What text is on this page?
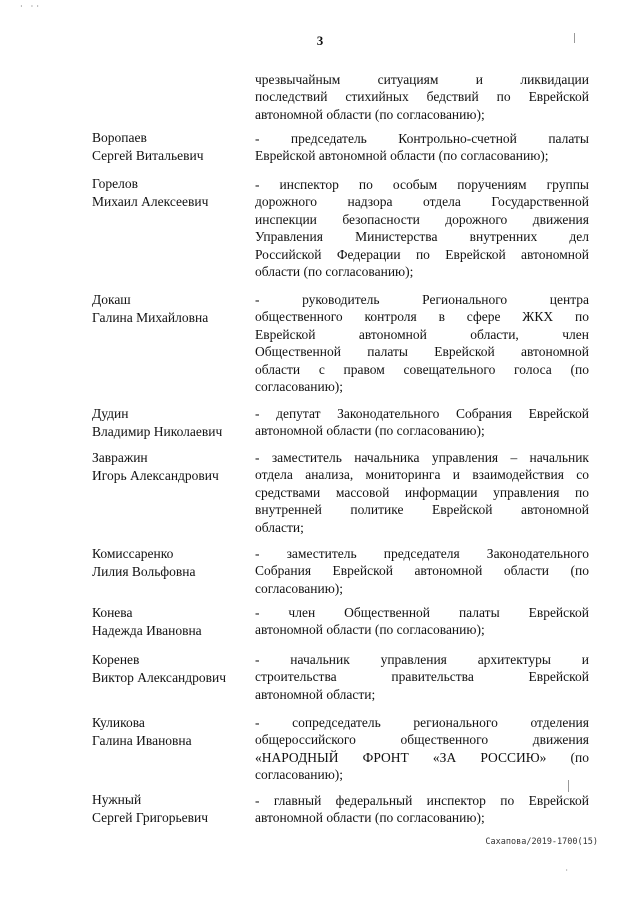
· ··
3
чрезвычайным ситуациям и ликвидации
последствий стихийных бедствий по Еврейской
автономной области (по согласованию);
Воропаев
Сергей Витальевич
- председатель Контрольно-счетной палаты
Еврейской автономной области (по согласованию);
Горелов
Михаил Алексеевич
- инспектор по особым поручениям группы
дорожного надзора отдела Государственной
инспекции безопасности дорожного движения
Управления Министерства внутренних дел
Российской Федерации по Еврейской автономной
области (по согласованию);
Докаш
Галина Михайловна
- руководитель Регионального центра
общественного контроля в сфере ЖКХ по
Еврейской автономной области, член
Общественной палаты Еврейской автономной
области с правом совещательного голоса (по
согласованию);
Дудин
Владимир Николаевич
- депутат Законодательного Собрания Еврейской
автономной области (по согласованию);
Завражин
Игорь Александрович
- заместитель начальника управления – начальник
отдела анализа, мониторинга и взаимодействия со
средствами массовой информации управления по
внутренней политике Еврейской автономной
области;
Комиссаренко
Лилия Вольфовна
- заместитель председателя Законодательного
Собрания Еврейской автономной области (по
согласованию);
Конева
Надежда Ивановна
- член Общественной палаты Еврейской
автономной области (по согласованию);
Коренев
Виктор Александрович
- начальник управления архитектуры и
строительства правительства Еврейской
автономной области;
Куликова
Галина Ивановна
- сопредседатель регионального отделения
общероссийского общественного движения
«НАРОДНЫЙ ФРОНТ «ЗА РОССИЮ» (по
согласованию);
Нужный
Сергей Григорьевич
- главный федеральный инспектор по Еврейской
автономной области (по согласованию);
Сахапова/2019-1700(15)
·
